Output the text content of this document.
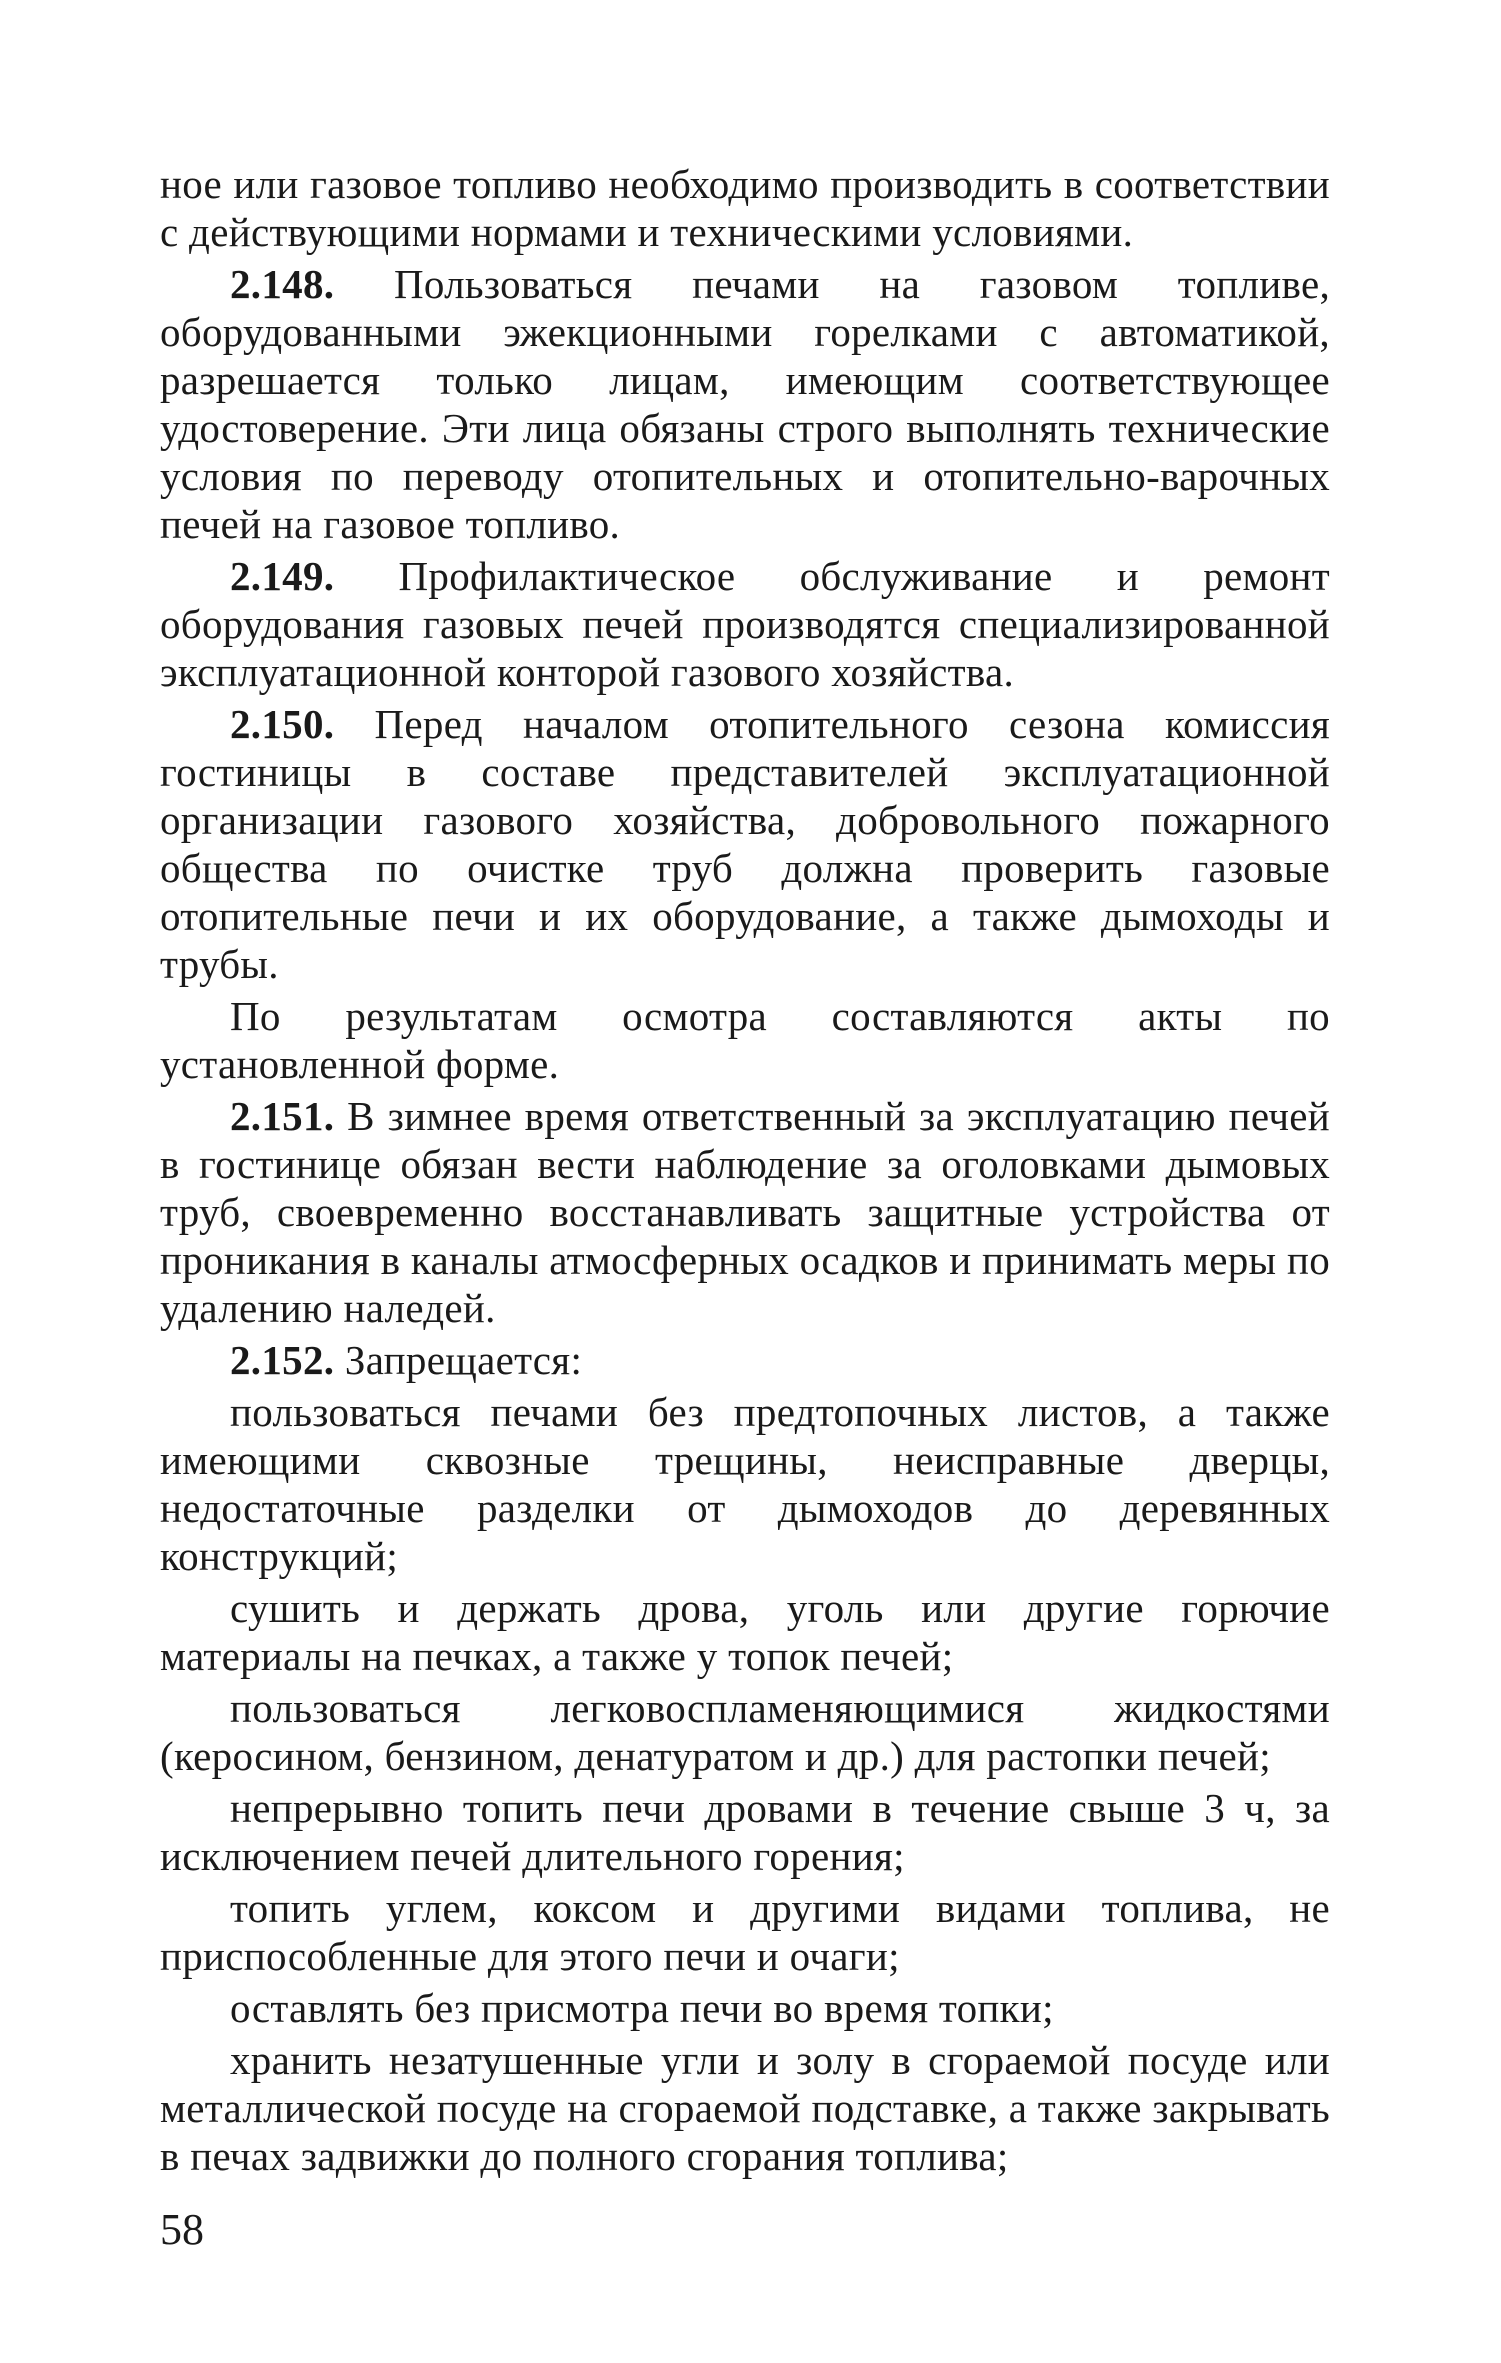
ное или газовое топливо необходимо производить в соответствии с действующими нормами и техническими условиями.

2.148. Пользоваться печами на газовом топливе, оборудованными эжекционными горелками с автоматикой, разрешается только лицам, имеющим соответствующее удостоверение. Эти лица обязаны строго выполнять технические условия по переводу отопительных и отопительно-варочных печей на газовое топливо.

2.149. Профилактическое обслуживание и ремонт оборудования газовых печей производятся специализированной эксплуатационной конторой газового хозяйства.

2.150. Перед началом отопительного сезона комиссия гостиницы в составе представителей эксплуатационной организации газового хозяйства, добровольного пожарного общества по очистке труб должна проверить газовые отопительные печи и их оборудование, а также дымоходы и трубы.

По результатам осмотра составляются акты по установленной форме.

2.151. В зимнее время ответственный за эксплуатацию печей в гостинице обязан вести наблюдение за оголовками дымовых труб, своевременно восстанавливать защитные устройства от проникания в каналы атмосферных осадков и принимать меры по удалению наледей.

2.152. Запрещается:

пользоваться печами без предтопочных листов, а также имеющими сквозные трещины, неисправные дверцы, недостаточные разделки от дымоходов до деревянных конструкций;

сушить и держать дрова, уголь или другие горючие материалы на печках, а также у топок печей;

пользоваться легковоспламеняющимися жидкостями (керосином, бензином, денатуратом и др.) для растопки печей;

непрерывно топить печи дровами в течение свыше 3 ч, за исключением печей длительного горения;

топить углем, коксом и другими видами топлива, не приспособленные для этого печи и очаги;

оставлять без присмотра печи во время топки;

хранить незатушенные угли и золу в сгораемой посуде или металлической посуде на сгораемой подставке, а также закрывать в печах задвижки до полного сгорания топлива;

58
